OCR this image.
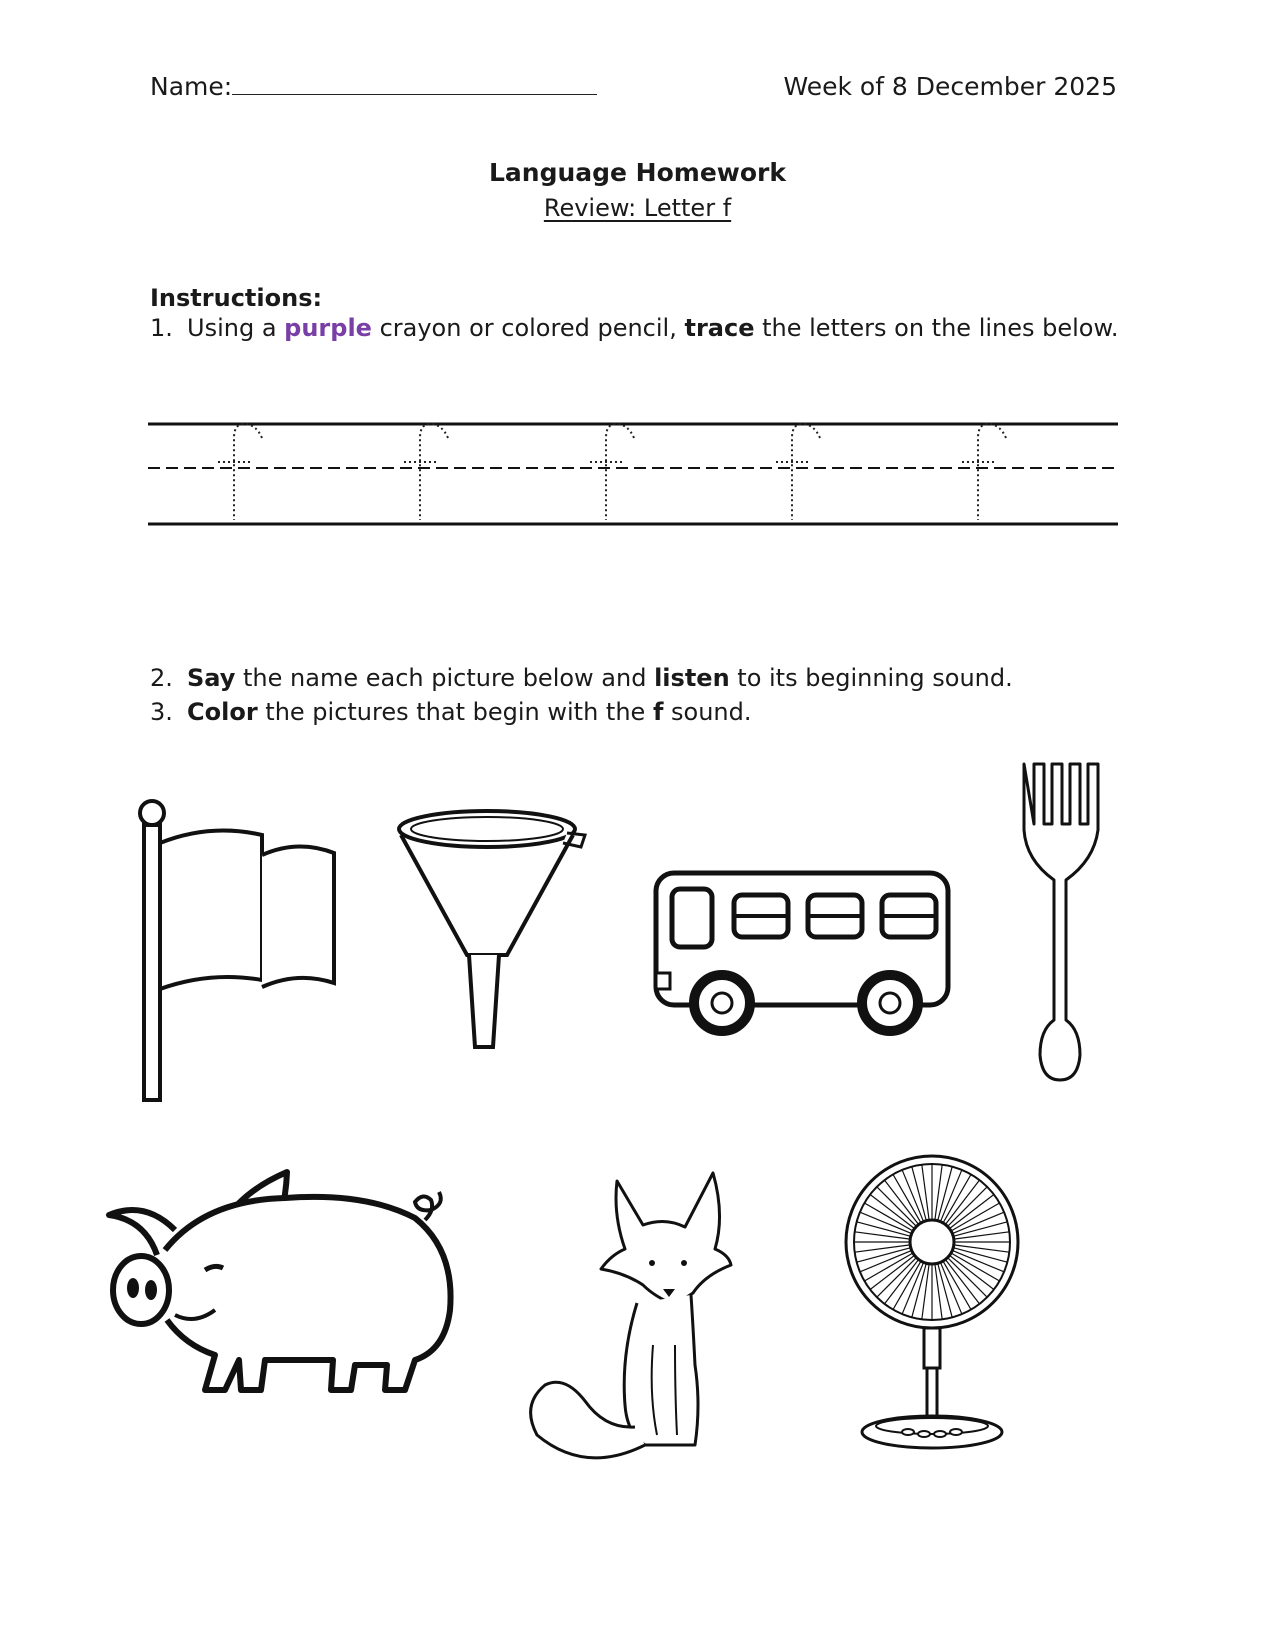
Name:	Week of 8 December 2025
Language Homework
Review: Letter f
Instructions:
1. Using a purple crayon or colored pencil, trace the letters on the lines below.
2. Say the name each picture below and listen to its beginning sound.
3. Color the pictures that begin with the f sound.
